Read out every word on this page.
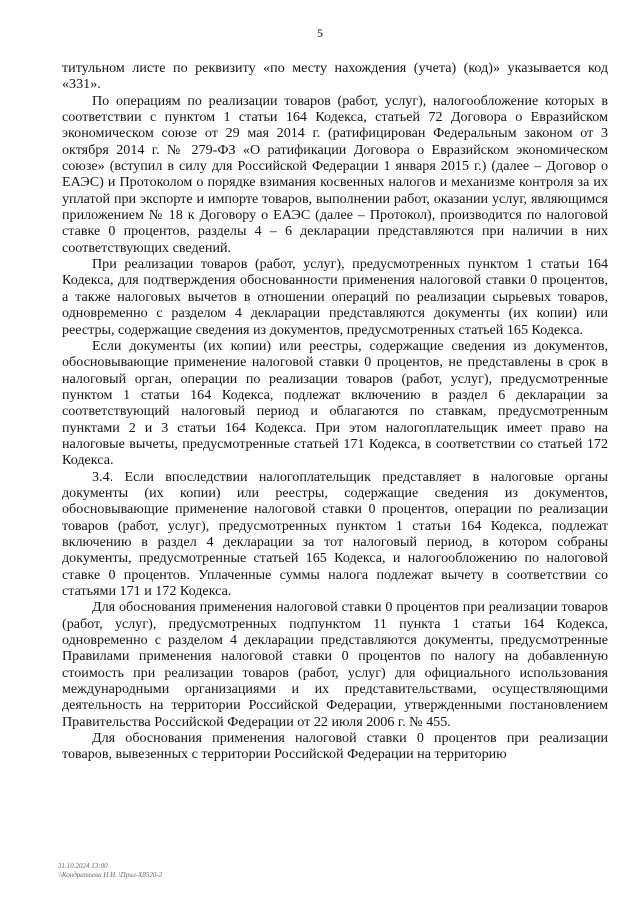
5

титульном листе по реквизиту «по месту нахождения (учета) (код)» указывается код «331».

По операциям по реализации товаров (работ, услуг), налогообложение которых в соответствии с пунктом 1 статьи 164 Кодекса, статьей 72 Договора о Евразийском экономическом союзе от 29 мая 2014 г. (ратифицирован Федеральным законом от 3 октября 2014 г. № 279-ФЗ «О ратификации Договора о Евразийском экономическом союзе» (вступил в силу для Российской Федерации 1 января 2015 г.) (далее – Договор о ЕАЭС) и Протоколом о порядке взимания косвенных налогов и механизме контроля за их уплатой при экспорте и импорте товаров, выполнении работ, оказании услуг, являющимся приложением № 18 к Договору о ЕАЭС (далее – Протокол), производится по налоговой ставке 0 процентов, разделы 4 – 6 декларации представляются при наличии в них соответствующих сведений.

При реализации товаров (работ, услуг), предусмотренных пунктом 1 статьи 164 Кодекса, для подтверждения обоснованности применения налоговой ставки 0 процентов, а также налоговых вычетов в отношении операций по реализации сырьевых товаров, одновременно с разделом 4 декларации представляются документы (их копии) или реестры, содержащие сведения из документов, предусмотренных статьей 165 Кодекса.

Если документы (их копии) или реестры, содержащие сведения из документов, обосновывающие применение налоговой ставки 0 процентов, не представлены в срок в налоговый орган, операции по реализации товаров (работ, услуг), предусмотренные пунктом 1 статьи 164 Кодекса, подлежат включению в раздел 6 декларации за соответствующий налоговый период и облагаются по ставкам, предусмотренным пунктами 2 и 3 статьи 164 Кодекса. При этом налогоплательщик имеет право на налоговые вычеты, предусмотренные статьей 171 Кодекса, в соответствии со статьей 172 Кодекса.

3.4. Если впоследствии налогоплательщик представляет в налоговые органы документы (их копии) или реестры, содержащие сведения из документов, обосновывающие применение налоговой ставки 0 процентов, операции по реализации товаров (работ, услуг), предусмотренных пунктом 1 статьи 164 Кодекса, подлежат включению в раздел 4 декларации за тот налоговый период, в котором собраны документы, предусмотренные статьей 165 Кодекса, и налогообложению по налоговой ставке 0 процентов. Уплаченные суммы налога подлежат вычету в соответствии со статьями 171 и 172 Кодекса.

Для обоснования применения налоговой ставки 0 процентов при реализации товаров (работ, услуг), предусмотренных подпунктом 11 пункта 1 статьи 164 Кодекса, одновременно с разделом 4 декларации представляются документы, предусмотренные Правилами применения налоговой ставки 0 процентов по налогу на добавленную стоимость при реализации товаров (работ, услуг) для официального использования международными организациями и их представительствами, осуществляющими деятельность на территории Российской Федерации, утвержденными постановлением Правительства Российской Федерации от 22 июля 2006 г. № 455.

Для обоснования применения налоговой ставки 0 процентов при реализации товаров, вывезенных с территории Российской Федерации на территорию

31.10.2024 13:00
\\Кондратьева Н.И. \Прил-Х8520-2
